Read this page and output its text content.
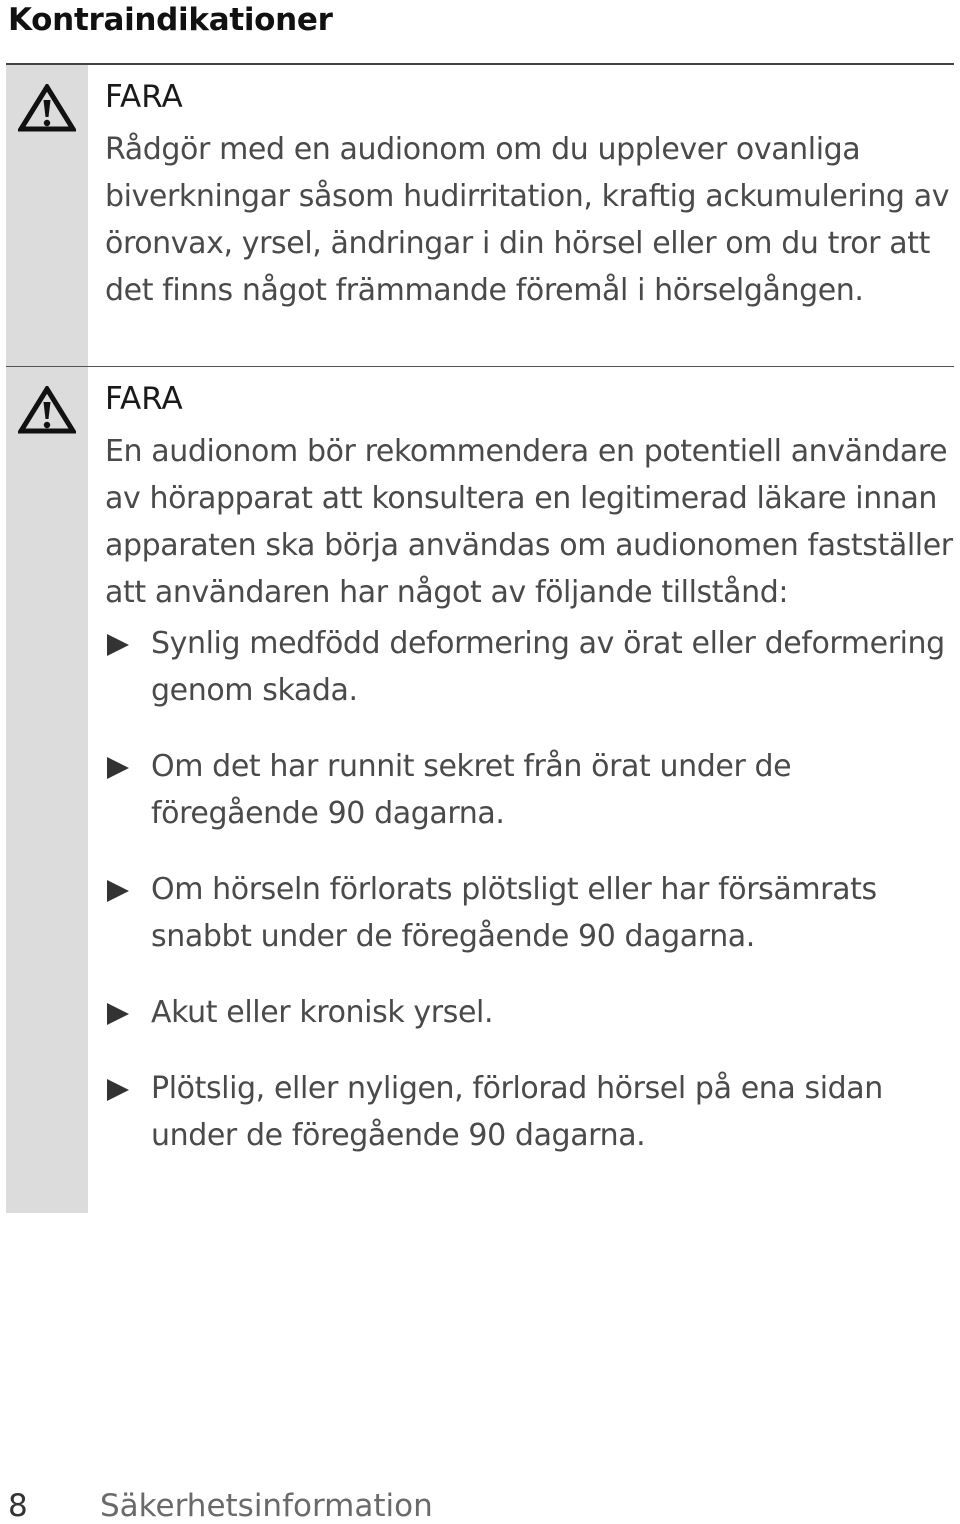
Kontraindikationer

FARA

Rådgör med en audionom om du upplever ovanliga biverkningar såsom hudirritation, kraftig ackumulering av öronvax, yrsel, ändringar i din hörsel eller om du tror att det finns något främmande föremål i hörselgången.

FARA

En audionom bör rekommendera en potentiell användare av hörapparat att konsultera en legitimerad läkare innan apparaten ska börja användas om audionomen fastställer att användaren har något av följande tillstånd:

Synlig medfödd deformering av örat eller deformering genom skada.
Om det har runnit sekret från örat under de föregående 90 dagarna.
Om hörseln förlorats plötsligt eller har försämrats snabbt under de föregående 90 dagarna.
Akut eller kronisk yrsel.
Plötslig, eller nyligen, förlorad hörsel på ena sidan under de föregående 90 dagarna.
8 Säkerhetsinformation
